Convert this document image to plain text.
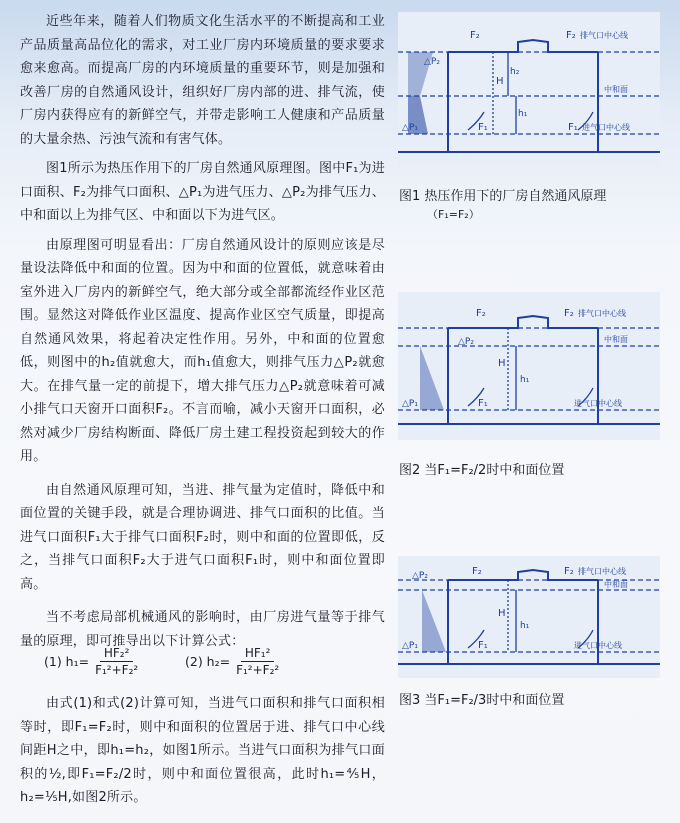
近些年来，随着人们物质文化生活水平的不断提高和工业产品质量高品位化的需求，对工业厂房内环境质量的要求要求愈来愈高。而提高厂房的内环境质量的重要环节，则是加强和改善厂房的自然通风设计，组织好厂房内部的进、排气流，使厂房内获得应有的新鲜空气，并带走影响工人健康和产品质量的大量余热、污浊气流和有害气体。

图1所示为热压作用下的厂房自然通风原理图。图中F₁为进口面积、F₂为排气口面积、△P₁为进气压力、△P₂为排气压力、中和面以上为排气区、中和面以下为进气区。

由原理图可明显看出：厂房自然通风设计的原则应该是尽量设法降低中和面的位置。因为中和面的位置低，就意味着由室外进入厂房内的新鲜空气，绝大部分或全部都流经作业区范围。显然这对降低作业区温度、提高作业区空气质量，即提高自然通风效果，将起着决定性作用。另外，中和面的位置愈低，则图中的h₂值就愈大，而h₁值愈大，则排气压力△P₂就愈大。在排气量一定的前提下，增大排气压力△P₂就意味着可减小排气口天窗开口面积F₂。不言而喻，减小天窗开口面积，必然对减少厂房结构断面、降低厂房土建工程投资起到较大的作用。

由自然通风原理可知，当进、排气量为定值时，降低中和面位置的关键手段，就是合理协调进、排气口面积的比值。当进气口面积F₁大于排气口面积F₂时，则中和面的位置即低，反之，当排气口面积F₂大于进气口面积F₁时，则中和面位置即高。

当不考虑局部机械通风的影响时，由厂房进气量等于排气量的原理，即可推导出以下计算公式：

(1) $h_1= \frac{\text{HF₂²}}{\text{F₁²+F₂²}}$	(2) $h_2= \frac{\text{HF₁²}}{\text{F₁²+F₂²}}$

由式(1)和式(2)计算可知，当进气口面积和排气口面积相等时，即F₁=F₂时，则中和面积的位置居于进、排气口中心线间距H之中，即h₁=h₂，如图1所示。当进气口面积为排气口面积的½,即F₁=F₂/2时，则中和面位置很高，此时h₁=⅘H，h₂=⅕H,如图2所示。

F₂	F₂ 排气口中心线
△P₂
H
h₂
h₁
中和面
△P₁	F₁	F₁ 进气口中心线
图1 热压作用下的厂房自然通风原理
（F₁=F₂）
F₂	F₂ 排气口中心线
△P₂	中和面
H
h₁
△P₁	F₁	进气口中心线
图2 当F₁=F₂/2时中和面位置
△P₂	F₂	F₂ 排气口中心线
中和面
H
h₁
△P₁	F₁	进气口中心线
图3 当F₁=F₂/3时中和面位置
